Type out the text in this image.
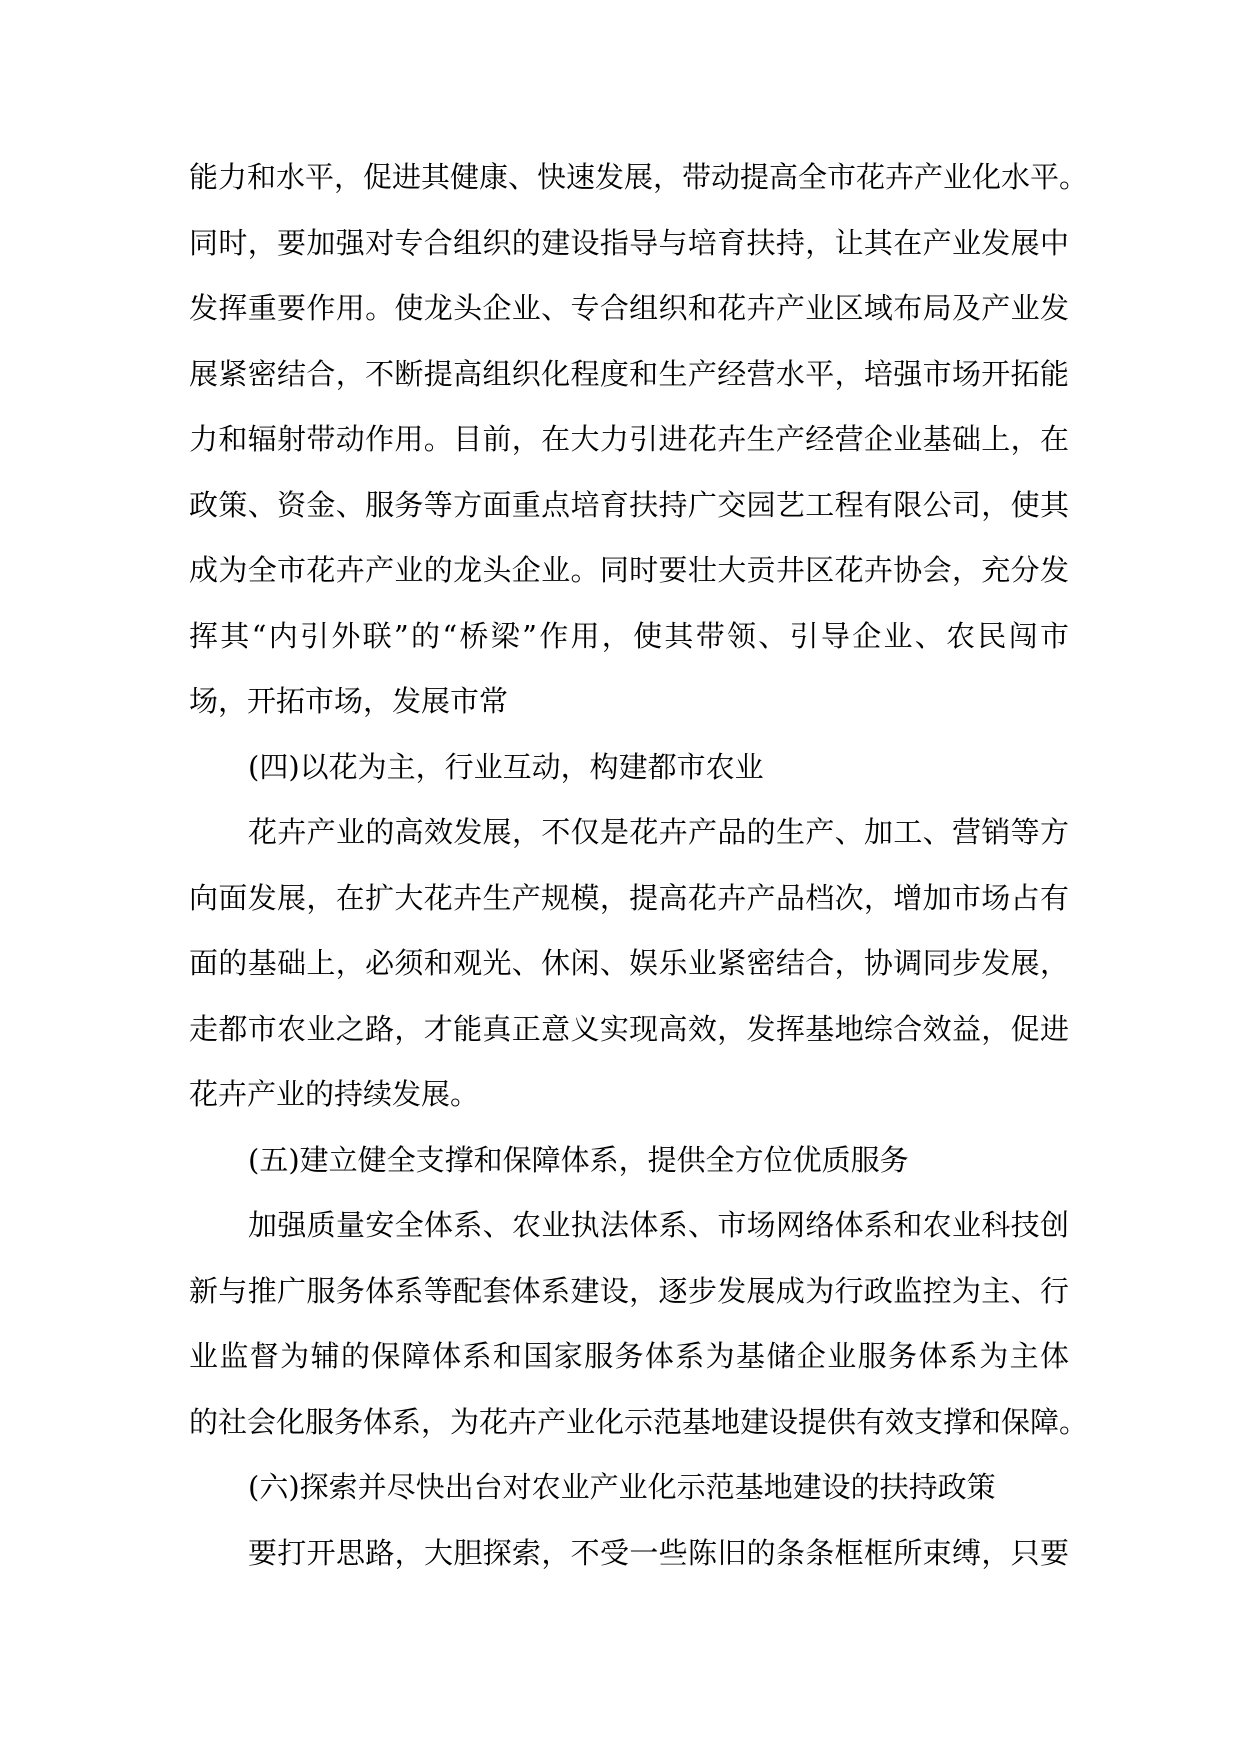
能力和水平，促进其健康、快速发展，带动提高全市花卉产业化水平。
同时，要加强对专合组织的建设指导与培育扶持，让其在产业发展中
发挥重要作用。使龙头企业、专合组织和花卉产业区域布局及产业发
展紧密结合，不断提高组织化程度和生产经营水平，培强市场开拓能
力和辐射带动作用。目前，在大力引进花卉生产经营企业基础上，在
政策、资金、服务等方面重点培育扶持广交园艺工程有限公司，使其
成为全市花卉产业的龙头企业。同时要壮大贡井区花卉协会，充分发
挥其“内引外联”的“桥梁”作用，使其带领、引导企业、农民闯市
场，开拓市场，发展市常
(四)以花为主，行业互动，构建都市农业
花卉产业的高效发展，不仅是花卉产品的生产、加工、营销等方
向面发展，在扩大花卉生产规模，提高花卉产品档次，增加市场占有
面的基础上，必须和观光、休闲、娱乐业紧密结合，协调同步发展，
走都市农业之路，才能真正意义实现高效，发挥基地综合效益，促进
花卉产业的持续发展。
(五)建立健全支撑和保障体系，提供全方位优质服务
加强质量安全体系、农业执法体系、市场网络体系和农业科技创
新与推广服务体系等配套体系建设，逐步发展成为行政监控为主、行
业监督为辅的保障体系和国家服务体系为基储企业服务体系为主体
的社会化服务体系，为花卉产业化示范基地建设提供有效支撑和保障。
(六)探索并尽快出台对农业产业化示范基地建设的扶持政策
要打开思路，大胆探索，不受一些陈旧的条条框框所束缚，只要
